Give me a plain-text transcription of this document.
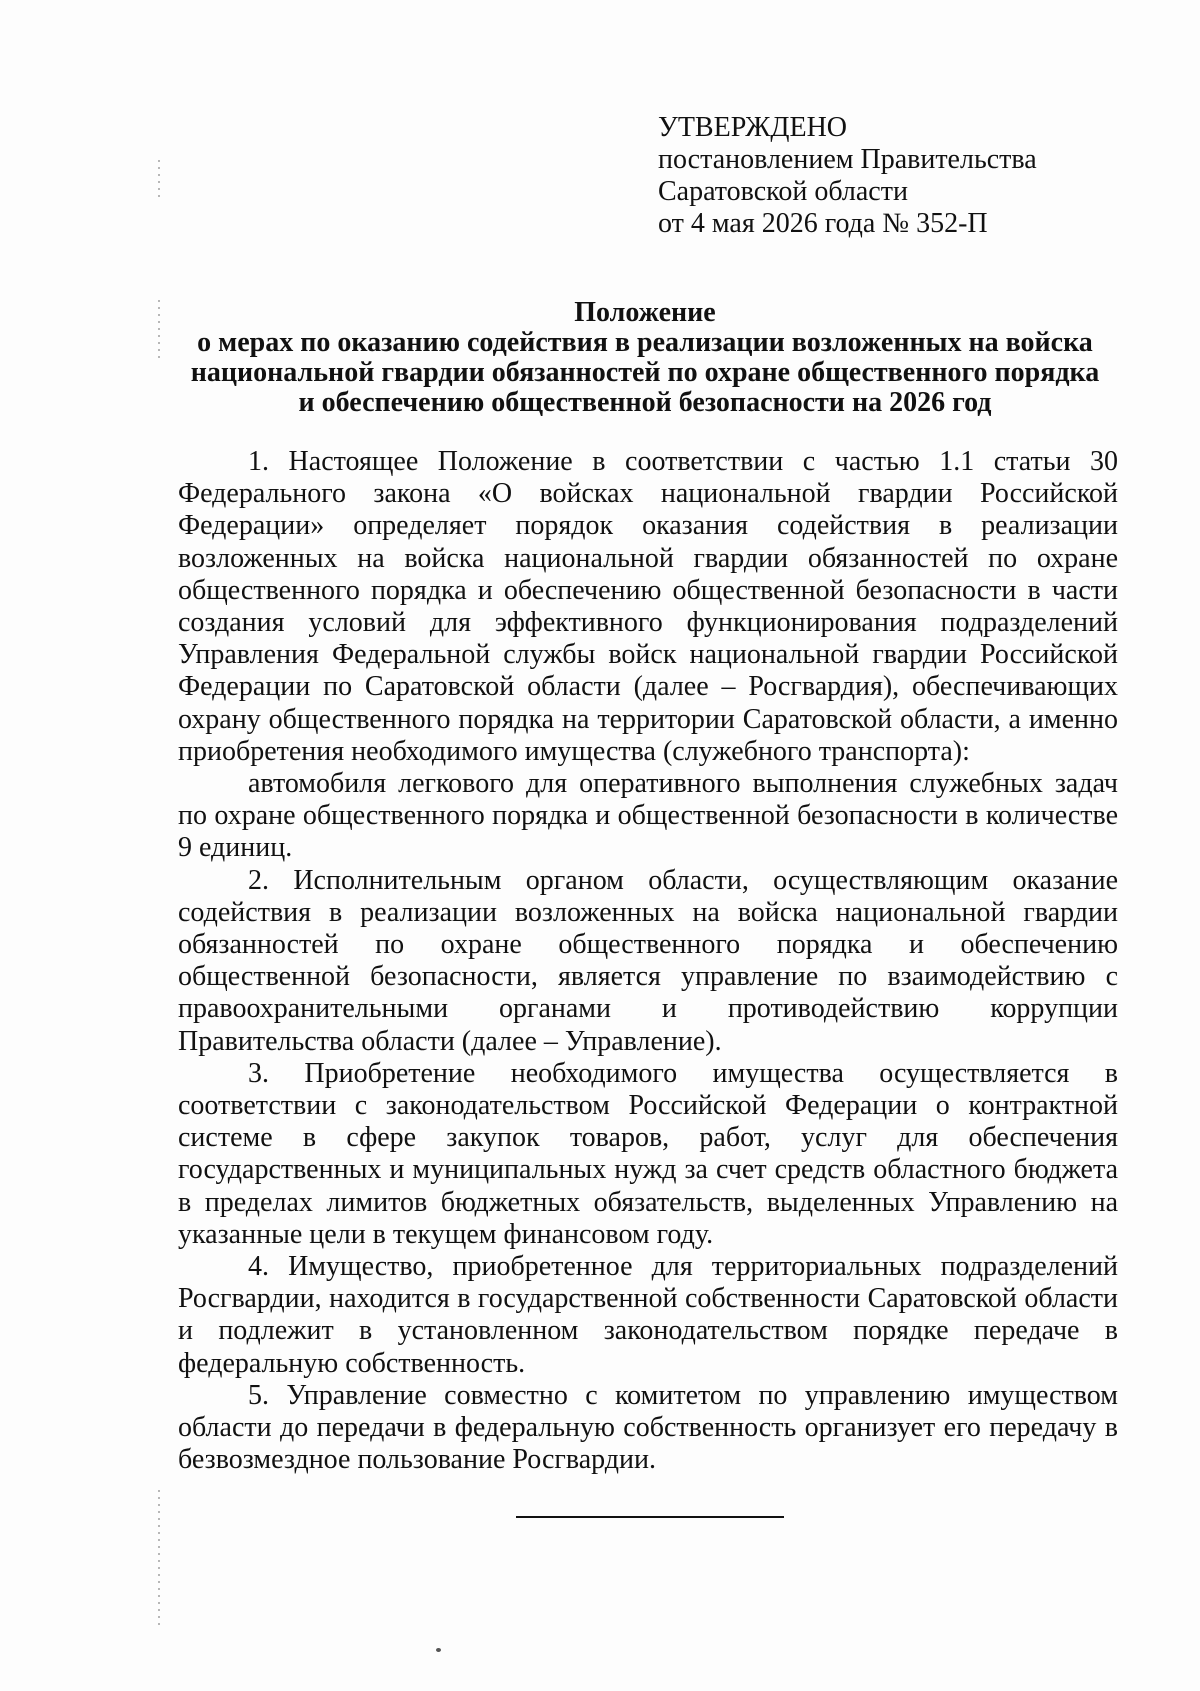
УТВЕРЖДЕНО
постановлением Правительства
Саратовской области
от 4 мая 2026 года № 352-П
Положение
о мерах по оказанию содействия в реализации возложенных на войска
национальной гвардии обязанностей по охране общественного порядка
и обеспечению общественной безопасности на 2026 год

1. Настоящее Положение в соответствии с частью 1.1 статьи 30 Федерального закона «О войсках национальной гвардии Российской Федерации» определяет порядок оказания содействия в реализации возложенных на войска национальной гвардии обязанностей по охране общественного порядка и обеспечению общественной безопасности в части создания условий для эффективного функционирования подразделений Управления Федеральной службы войск национальной гвардии Российской Федерации по Саратовской области (далее – Росгвардия), обеспечивающих охрану общественного порядка на территории Саратовской области, а именно приобретения необходимого имущества (служебного транспорта):

автомобиля легкового для оперативного выполнения служебных задач по охране общественного порядка и общественной безопасности в количестве 9 единиц.

2. Исполнительным органом области, осуществляющим оказание содействия в реализации возложенных на войска национальной гвардии обязанностей по охране общественного порядка и обеспечению общественной безопасности, является управление по взаимодействию с правоохранительными органами и противодействию коррупции Правительства области (далее – Управление).

3. Приобретение необходимого имущества осуществляется в соответствии с законодательством Российской Федерации о контрактной системе в сфере закупок товаров, работ, услуг для обеспечения государственных и муниципальных нужд за счет средств областного бюджета в пределах лимитов бюджетных обязательств, выделенных Управлению на указанные цели в текущем финансовом году.

4. Имущество, приобретенное для территориальных подразделений Росгвардии, находится в государственной собственности Саратовской области и подлежит в установленном законодательством порядке передаче в федеральную собственность.

5. Управление совместно с комитетом по управлению имуществом области до передачи в федеральную собственность организует его передачу в безвозмездное пользование Росгвардии.
